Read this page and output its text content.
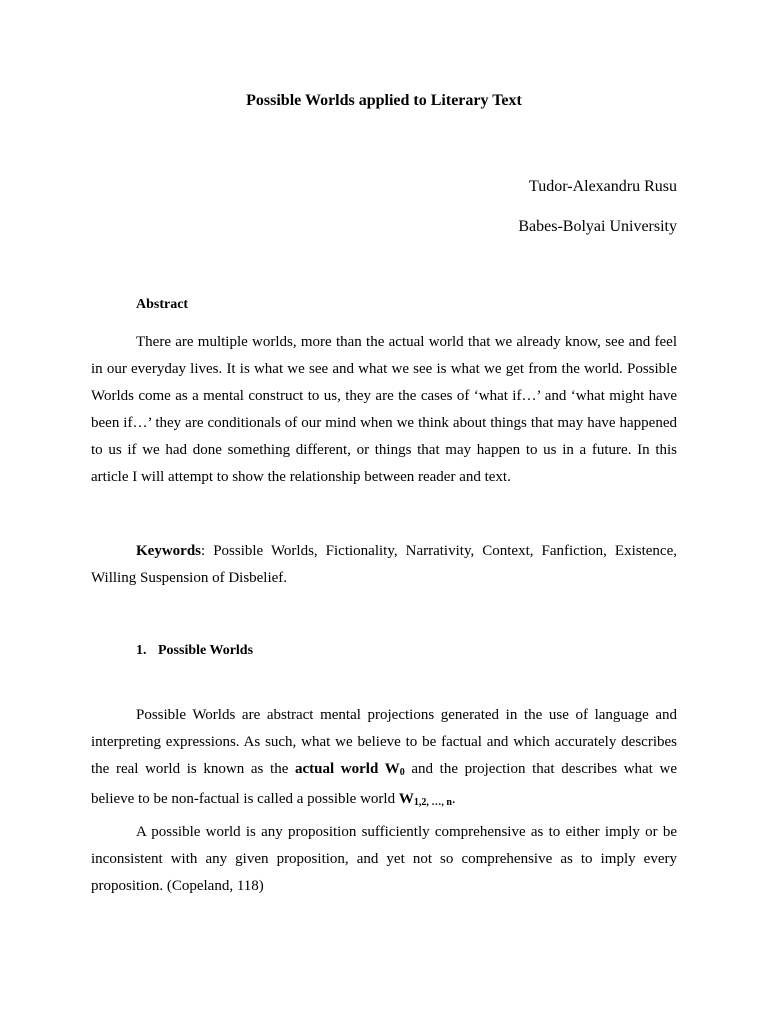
Possible Worlds applied to Literary Text
Tudor-Alexandru Rusu
Babes-Bolyai University
Abstract

There are multiple worlds, more than the actual world that we already know, see and feel in our everyday lives. It is what we see and what we see is what we get from the world. Possible Worlds come as a mental construct to us, they are the cases of ‘what if…’ and ‘what might have been if…’ they are conditionals of our mind when we think about things that may have happened to us if we had done something different, or things that may happen to us in a future. In this article I will attempt to show the relationship between reader and text.

Keywords: Possible Worlds, Fictionality, Narrativity, Context, Fanfiction, Existence, Willing Suspension of Disbelief.

1. Possible Worlds

Possible Worlds are abstract mental projections generated in the use of language and interpreting expressions. As such, what we believe to be factual and which accurately describes the real world is known as the actual world $W_0$ and the projection that describes what we believe to be non-factual is called a possible world $W_{1,2, \dots, n}$.

A possible world is any proposition sufficiently comprehensive as to either imply or be inconsistent with any given proposition, and yet not so comprehensive as to imply every proposition. (Copeland, 118)
